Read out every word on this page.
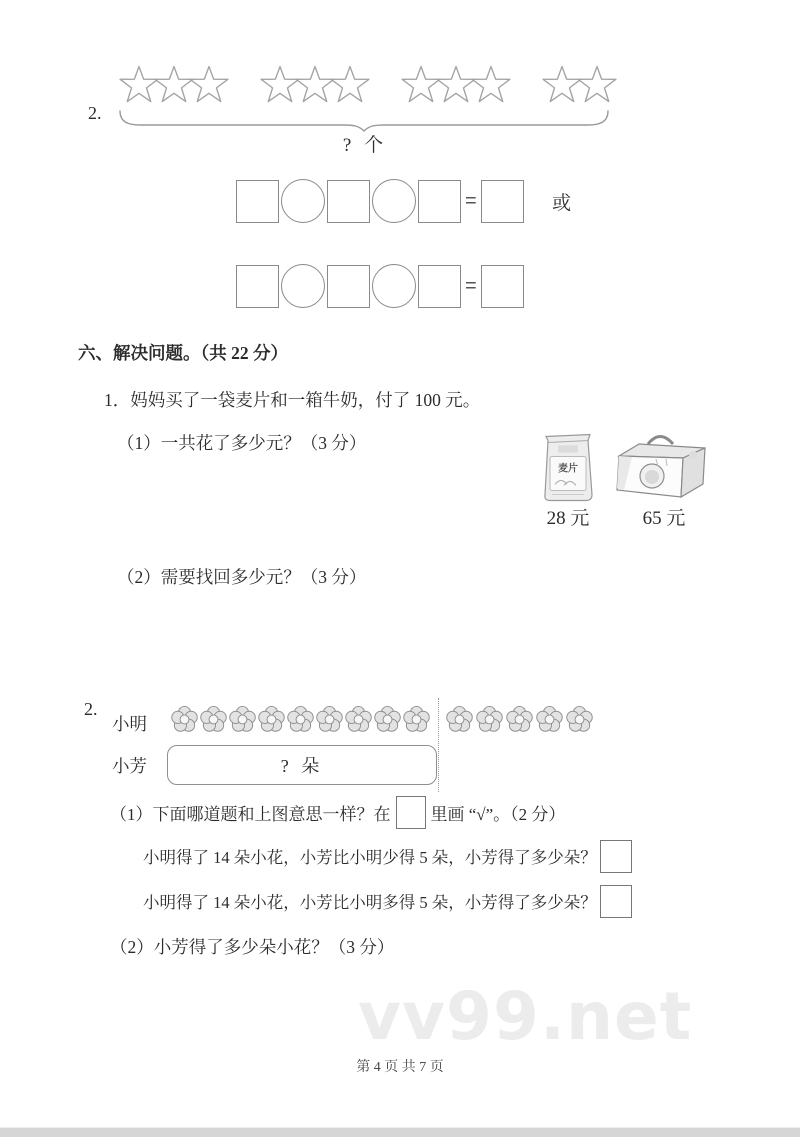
2.
? 个
=	或
=
六、解决问题。（共 22 分）
1．妈妈买了一袋麦片和一箱牛奶，付了 100 元。
（1）一共花了多少元？（3 分）
麦片
28 元	65 元
（2）需要找回多少元？（3 分）
2.
小明
小芳	? 朵
（1）下面哪道题和上图意思一样？在 里画 “√”。（2 分）
小明得了 14 朵小花，小芳比小明少得 5 朵，小芳得了多少朵？
小明得了 14 朵小花，小芳比小明多得 5 朵，小芳得了多少朵？
（2）小芳得了多少朵小花？（3 分）
vv99.net
第 4 页 共 7 页
